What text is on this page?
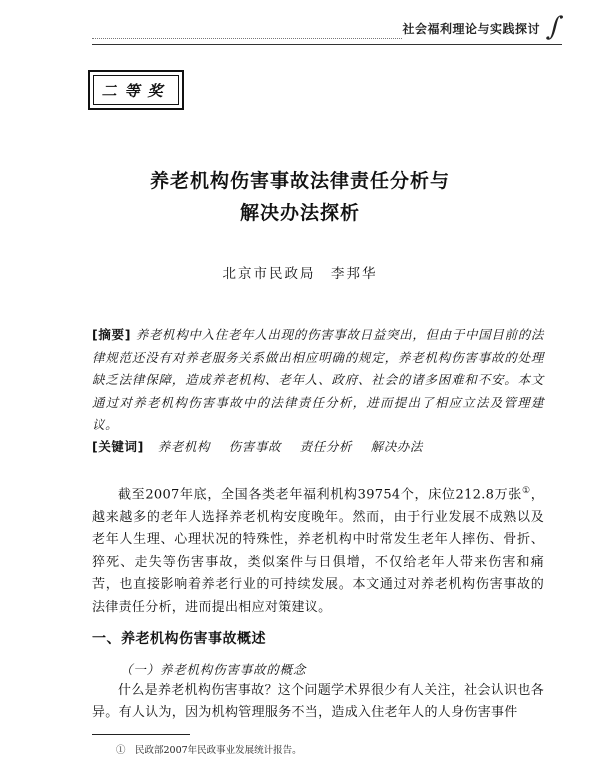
社会福利理论与实践探讨 ∫
二等奖
养老机构伤害事故法律责任分析与
解决办法探析
北京市民政局　李邦华
[摘要] 养老机构中入住老年人出现的伤害事故日益突出，但由于中国目前的法律规范还没有对养老服务关系做出相应明确的规定，养老机构伤害事故的处理缺乏法律保障，造成养老机构、老年人、政府、社会的诸多困难和不安。本文通过对养老机构伤害事故中的法律责任分析，进而提出了相应立法及管理建议。
[关键词] 养老机构 伤害事故 责任分析 解决办法
截至2007年底，全国各类老年福利机构39754个，床位212.8万张①，越来越多的老年人选择养老机构安度晚年。然而，由于行业发展不成熟以及老年人生理、心理状况的特殊性，养老机构中时常发生老年人摔伤、骨折、猝死、走失等伤害事故，类似案件与日俱增，不仅给老年人带来伤害和痛苦，也直接影响着养老行业的可持续发展。本文通过对养老机构伤害事故的法律责任分析，进而提出相应对策建议。
一、养老机构伤害事故概述
（一）养老机构伤害事故的概念
什么是养老机构伤害事故？这个问题学术界很少有人关注，社会认识也各异。有人认为，因为机构管理服务不当，造成入住老年人的人身伤害事件
①　民政部2007年民政事业发展统计报告。
